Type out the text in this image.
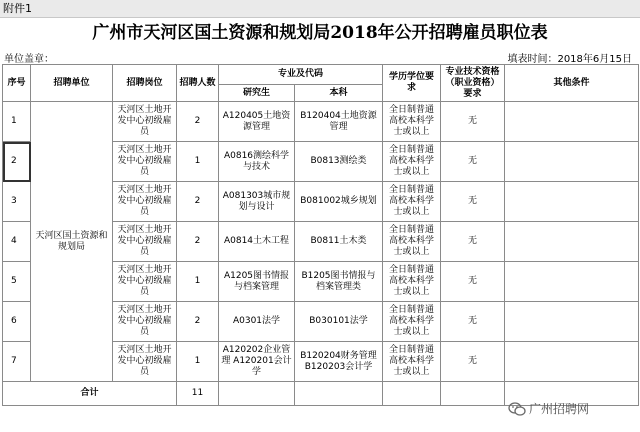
附件1
广州市天河区国土资源和规划局2018年公开招聘雇员职位表
单位盖章：	填表时间：2018年6月15日
序号	招聘单位	招聘岗位	招聘人数	专业及代码		学历学位要求	专业技术资格（职业资格）要求	其他条件
				研究生	本科			
1	天河区国土资源和规划局	天河区土地开发中心初级雇员	2	A120405土地资源管理	B120404土地资源管理	全日制普通高校本科学士或以上	无	
2		天河区土地开发中心初级雇员	1	A0816测绘科学与技术	B0813测绘类	全日制普通高校本科学士或以上	无	
3		天河区土地开发中心初级雇员	2	A081303城市规划与设计	B081002城乡规划	全日制普通高校本科学士或以上	无	
4		天河区土地开发中心初级雇员	2	A0814土木工程	B0811土木类	全日制普通高校本科学士或以上	无	
5		天河区土地开发中心初级雇员	1	A1205图书情报与档案管理	B1205图书情报与档案管理类	全日制普通高校本科学士或以上	无	
6		天河区土地开发中心初级雇员	2	A0301法学	B030101法学	全日制普通高校本科学士或以上	无	
7		天河区土地开发中心初级雇员	1	A120202企业管理 A120201会计学	B120204财务管理 B120203会计学	全日制普通高校本科学士或以上	无	
合计			11					
广州招聘网
